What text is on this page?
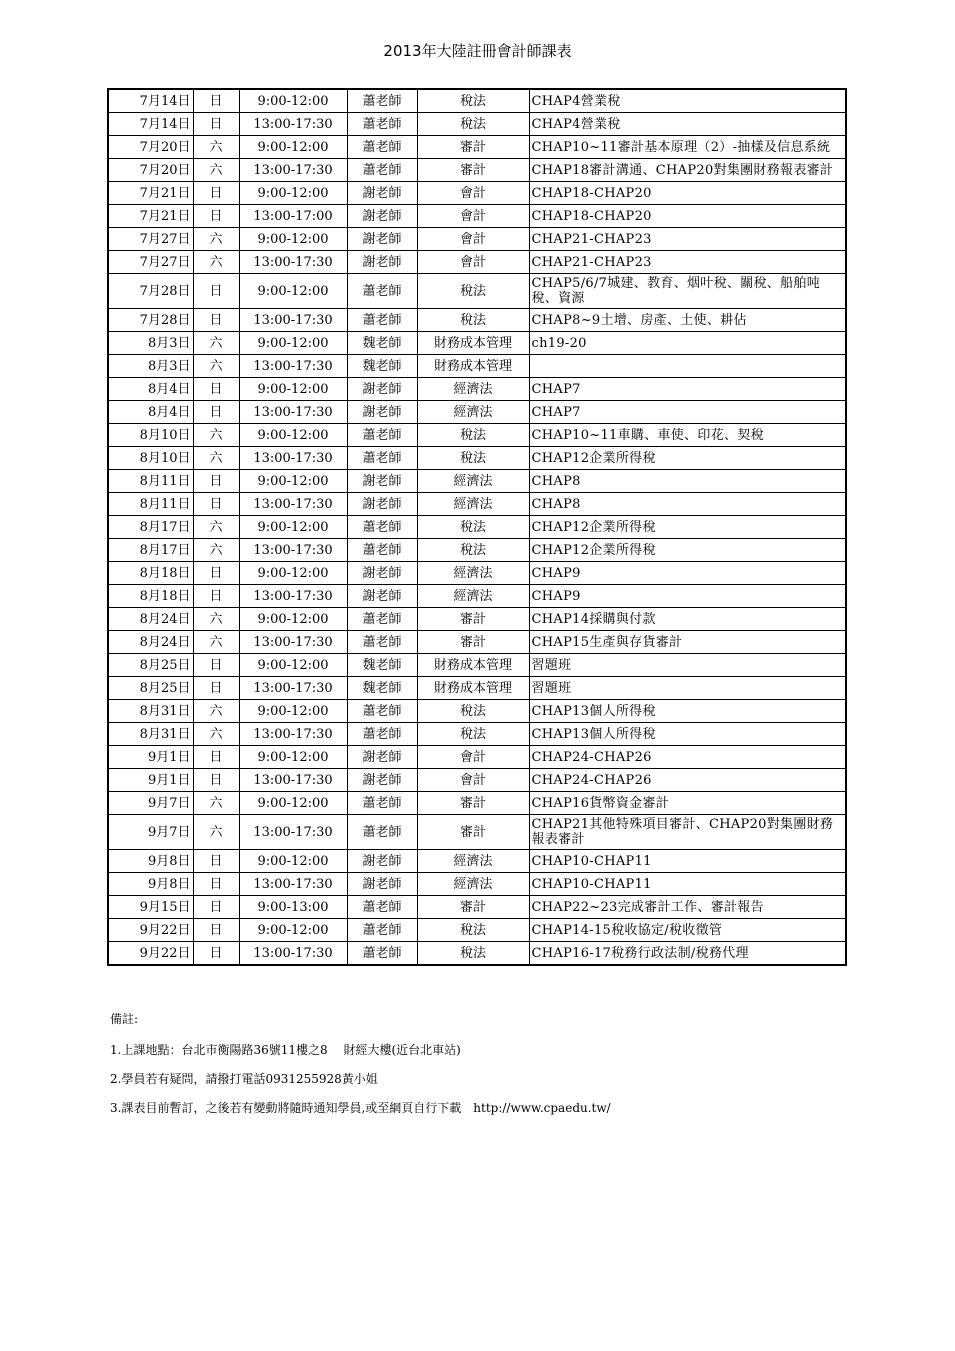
2013年大陸註冊會計師課表
7月14日	日	9:00-12:00	蕭老師	稅法	CHAP4營業稅
7月14日	日	13:00-17:30	蕭老師	稅法	CHAP4營業稅
7月20日	六	9:00-12:00	蕭老師	審計	CHAP10~11審計基本原理（2）-抽樣及信息系統
7月20日	六	13:00-17:30	蕭老師	審計	CHAP18審計溝通、CHAP20對集團財務報表審計
7月21日	日	9:00-12:00	謝老師	會計	CHAP18-CHAP20
7月21日	日	13:00-17:00	謝老師	會計	CHAP18-CHAP20
7月27日	六	9:00-12:00	謝老師	會計	CHAP21-CHAP23
7月27日	六	13:00-17:30	謝老師	會計	CHAP21-CHAP23
7月28日	日	9:00-12:00	蕭老師	稅法	CHAP5/6/7城建、教育、烟叶稅、關稅、船舶吨稅、資源
7月28日	日	13:00-17:30	蕭老師	稅法	CHAP8~9土增、房產、土使、耕佔
8月3日	六	9:00-12:00	魏老師	財務成本管理	ch19-20
8月3日	六	13:00-17:30	魏老師	財務成本管理	
8月4日	日	9:00-12:00	謝老師	經濟法	CHAP7
8月4日	日	13:00-17:30	謝老師	經濟法	CHAP7
8月10日	六	9:00-12:00	蕭老師	稅法	CHAP10~11車購、車使、印花、契稅
8月10日	六	13:00-17:30	蕭老師	稅法	CHAP12企業所得稅
8月11日	日	9:00-12:00	謝老師	經濟法	CHAP8
8月11日	日	13:00-17:30	謝老師	經濟法	CHAP8
8月17日	六	9:00-12:00	蕭老師	稅法	CHAP12企業所得稅
8月17日	六	13:00-17:30	蕭老師	稅法	CHAP12企業所得稅
8月18日	日	9:00-12:00	謝老師	經濟法	CHAP9
8月18日	日	13:00-17:30	謝老師	經濟法	CHAP9
8月24日	六	9:00-12:00	蕭老師	審計	CHAP14採購與付款
8月24日	六	13:00-17:30	蕭老師	審計	CHAP15生產與存貨審計
8月25日	日	9:00-12:00	魏老師	財務成本管理	習題班
8月25日	日	13:00-17:30	魏老師	財務成本管理	習題班
8月31日	六	9:00-12:00	蕭老師	稅法	CHAP13個人所得稅
8月31日	六	13:00-17:30	蕭老師	稅法	CHAP13個人所得稅
9月1日	日	9:00-12:00	謝老師	會計	CHAP24-CHAP26
9月1日	日	13:00-17:30	謝老師	會計	CHAP24-CHAP26
9月7日	六	9:00-12:00	蕭老師	審計	CHAP16貨幣資金審計
9月7日	六	13:00-17:30	蕭老師	審計	CHAP21其他特殊項目審計、CHAP20對集團財務報表審計
9月8日	日	9:00-12:00	謝老師	經濟法	CHAP10-CHAP11
9月8日	日	13:00-17:30	謝老師	經濟法	CHAP10-CHAP11
9月15日	日	9:00-13:00	蕭老師	審計	CHAP22~23完成審計工作、審計報告
9月22日	日	9:00-12:00	蕭老師	稅法	CHAP14-15稅收協定/稅收徵管
9月22日	日	13:00-17:30	蕭老師	稅法	CHAP16-17稅務行政法制/稅務代理
備註:
1.上課地點：台北市衡陽路36號11樓之8　 財經大樓(近台北車站)
2.學員若有疑問，請撥打電話0931255928黃小姐
3.課表目前暫訂，之後若有變動將隨時通知學員,或至網頁自行下載　http://www.cpaedu.tw/
